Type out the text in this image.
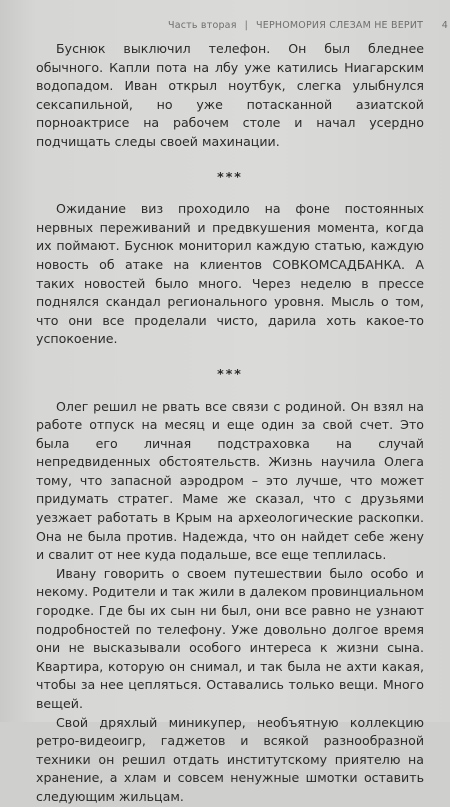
Часть вторая | ЧЕРНОМОРИЯ СЛЕЗАМ НЕ ВЕРИТ 4

Буснюк выключил телефон. Он был бледнее обычного. Капли пота на лбу уже катились Ниагарским водопадом. Иван открыл ноутбук, слегка улыбнулся сексапильной, но уже потасканной азиатской порноактрисе на рабочем столе и начал усердно подчищать следы своей махинации.

***

Ожидание виз проходило на фоне постоянных нервных переживаний и предвкушения момента, когда их поймают. Буснюк мониторил каждую статью, каждую новость об атаке на клиентов СОВКОМСАДБАНКА. А таких новостей было много. Через неделю в прессе поднялся скандал регионального уровня. Мысль о том, что они все проделали чисто, дарила хоть какое-то успокоение.

***

Олег решил не рвать все связи с родиной. Он взял на работе отпуск на месяц и еще один за свой счет. Это была его личная подстраховка на случай непредвиденных обстоятельств. Жизнь научила Олега тому, что запасной аэродром – это лучше, что может придумать стратег. Маме же сказал, что с друзьями уезжает работать в Крым на археологические раскопки. Она не была против. Надежда, что он найдет себе жену и свалит от нее куда подальше, все еще теплилась.

Ивану говорить о своем путешествии было особо и некому. Родители и так жили в далеком провинциальном городке. Где бы их сын ни был, они все равно не узнают подробностей по телефону. Уже довольно долгое время они не высказывали особого интереса к жизни сына. Квартира, которую он снимал, и так была не ахти какая, чтобы за нее цепляться. Оставались только вещи. Много вещей.

Свой дряхлый миникупер, необъятную коллекцию ретро-видеоигр, гаджетов и всякой разнообразной техники он решил отдать институтскому приятелю на хранение, а хлам и совсем ненужные шмотки оставить следующим жильцам.
